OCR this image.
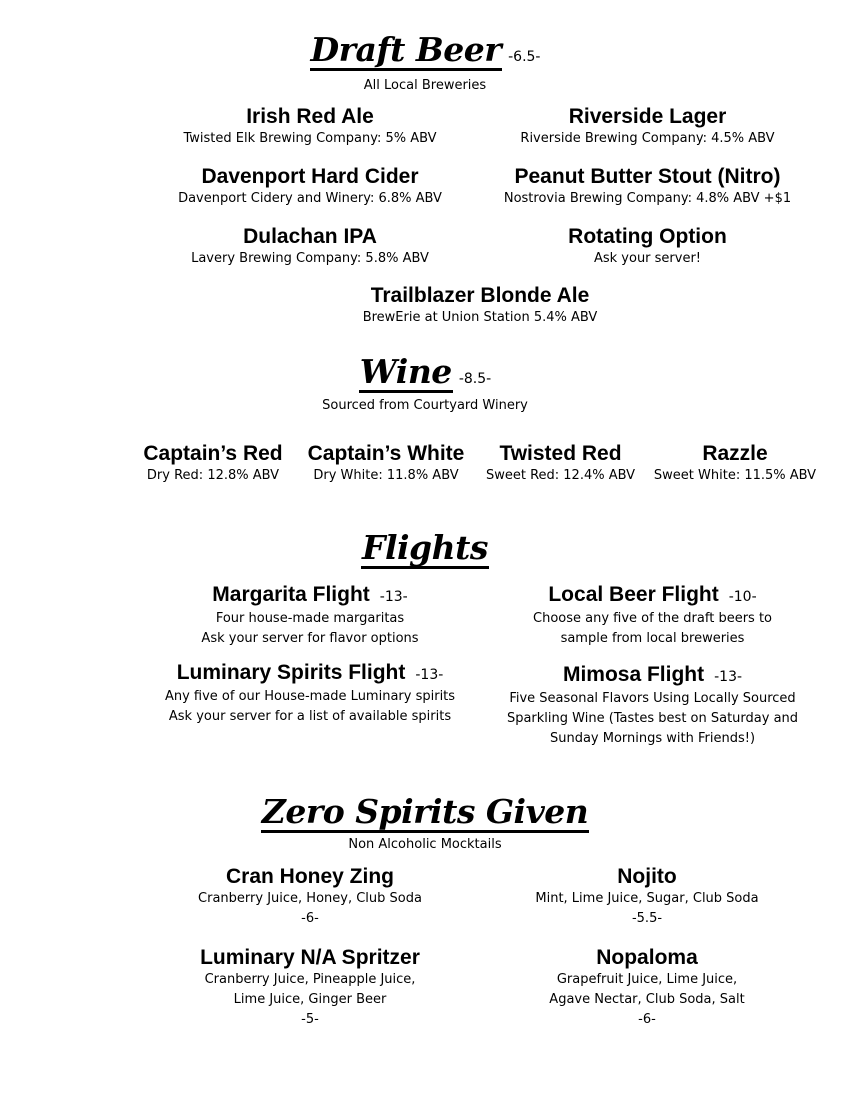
Draft Beer -6.5-
All Local Breweries
Irish Red Ale
Twisted Elk Brewing Company: 5% ABV
Riverside Lager
Riverside Brewing Company: 4.5% ABV
Davenport Hard Cider
Davenport Cidery and Winery: 6.8% ABV
Peanut Butter Stout (Nitro)
Nostrovia Brewing Company: 4.8% ABV +$1
Dulachan IPA
Lavery Brewing Company: 5.8% ABV
Rotating Option
Ask your server!
Trailblazer Blonde Ale
BrewErie at Union Station 5.4% ABV
Wine -8.5-
Sourced from Courtyard Winery
Captain’s Red
Dry Red: 12.8% ABV
Captain’s White
Dry White: 11.8% ABV
Twisted Red
Sweet Red: 12.4% ABV
Razzle
Sweet White: 11.5% ABV
Flights
Margarita Flight -13-
Four house-made margaritas
Ask your server for flavor options
Local Beer Flight -10-
Choose any five of the draft beers to
sample from local breweries
Luminary Spirits Flight -13-
Any five of our House-made Luminary spirits
Ask your server for a list of available spirits
Mimosa Flight -13-
Five Seasonal Flavors Using Locally Sourced
Sparkling Wine (Tastes best on Saturday and
Sunday Mornings with Friends!)
Zero Spirits Given
Non Alcoholic Mocktails
Cran Honey Zing
Cranberry Juice, Honey, Club Soda
-6-
Nojito
Mint, Lime Juice, Sugar, Club Soda
-5.5-
Luminary N/A Spritzer
Cranberry Juice, Pineapple Juice,
Lime Juice, Ginger Beer
-5-
Nopaloma
Grapefruit Juice, Lime Juice,
Agave Nectar, Club Soda, Salt
-6-
